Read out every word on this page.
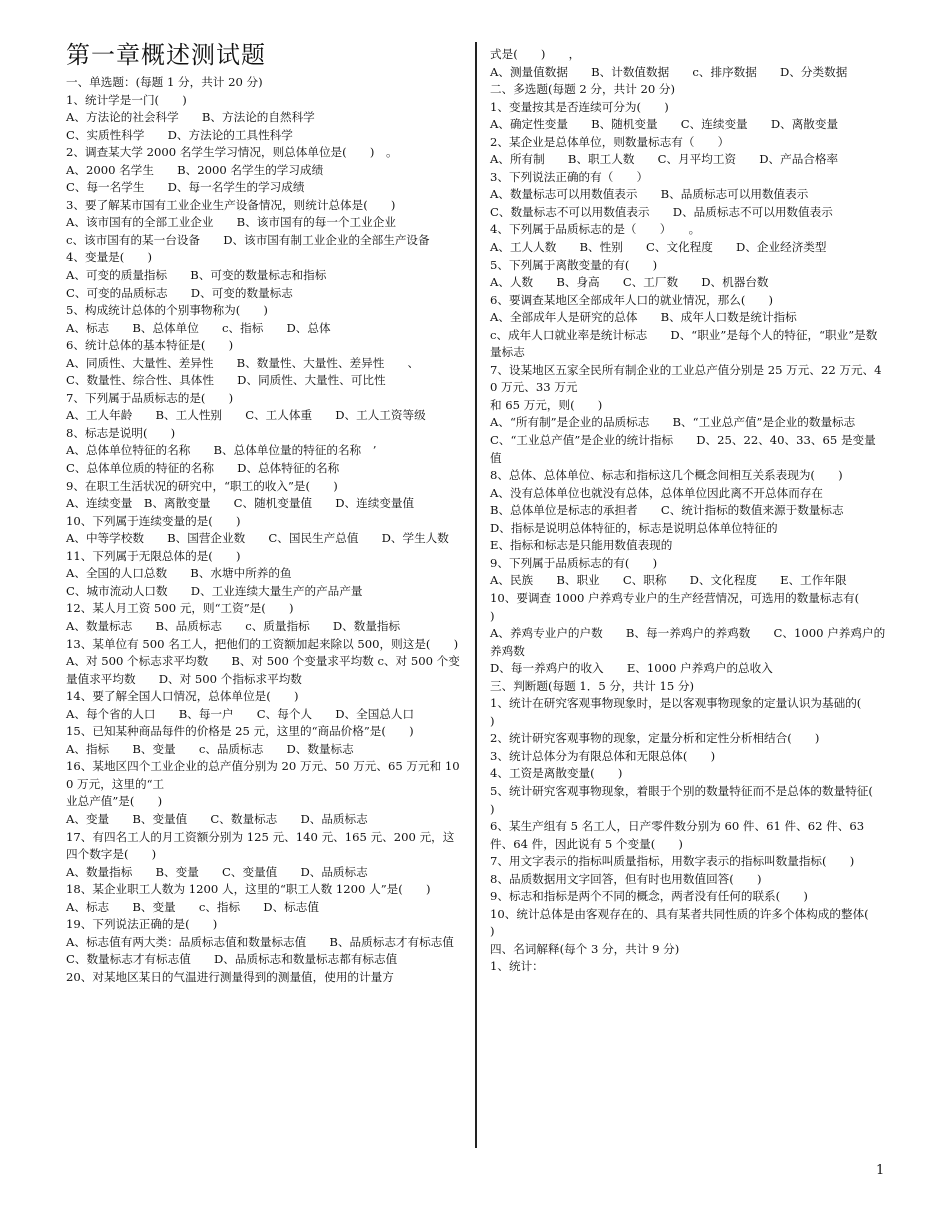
第一章概述测试题

一、单选题：(每题 1 分，共计 20 分)

1、统计学是一门(　　)

A、方法论的社会科学　　B、方法论的自然科学

C、实质性科学　　D、方法论的工具性科学

2、调查某大学 2000 名学生学习情况，则总体单位是(　　)　。

A、2000 名学生　　B、2000 名学生的学习成绩

C、每一名学生　　D、每一名学生的学习成绩

3、要了解某市国有工业企业生产设备情况，则统计总体是(　　)

A、该市国有的全部工业企业　　B、该市国有的每一个工业企业

c、该市国有的某一台设备　　D、该市国有制工业企业的全部生产设备

4、变量是(　　)

A、可变的质量指标　　B、可变的数量标志和指标

C、可变的品质标志　　D、可变的数量标志

5、构成统计总体的个别事物称为(　　)

A、标志　　B、总体单位　　c、指标　　D、总体

6、统计总体的基本特征是(　　)

A、同质性、大量性、差异性　　B、数量性、大量性、差异性　　、

C、数量性、综合性、具体性　　D、同质性、大量性、可比性

7、下列属于品质标志的是(　　)

A、工人年龄　　B、工人性别　　C、工人体重　　D、工人工资等级

8、标志是说明(　　)

A、总体单位特征的名称　　B、总体单位量的特征的名称　’

C、总体单位质的特征的名称　　D、总体特征的名称

9、在职工生活状况的研究中，“职工的收入”是(　　)

A、连续变量　B、离散变量　　C、随机变量值　　D、连续变量值

10、下列属于连续变量的是(　　)

A、中等学校数　　B、国营企业数　　C、国民生产总值　　D、学生人数

11、下列属于无限总体的是(　　)

A、全国的人口总数　　B、水塘中所养的鱼

C、城市流动人口数　　D、工业连续大量生产的产品产量

12、某人月工资 500 元，则“工资”是(　　)

A、数量标志　　B、品质标志　　c、质量指标　　D、数量指标

13、某单位有 500 名工人，把他们的工资额加起来除以 500，则这是(　　)

A、对 500 个标志求平均数　　B、对 500 个变量求平均数 c、对 500 个变量值求平均数　　D、对 500 个指标求平均数

14、要了解全国人口情况，总体单位是(　　)

A、每个省的人口　　B、每一户　　C、每个人　　D、全国总人口

15、已知某种商品每件的价格是 25 元，这里的“商品价格”是(　　)

A、指标　　B、变量　　c、品质标志　　D、数量标志

16、某地区四个工业企业的总产值分别为 20 万元、50 万元、65 万元和 100 万元，这里的“工

业总产值”是(　　)

A、变量　　B、变量值　　C、数量标志　　D、品质标志

17、有四名工人的月工资额分别为 125 元、140 元、165 元、200 元，这四个数字是(　　)

A、数量指标　　B、变量　　C、变量值　　D、品质标志

18、某企业职工人数为 1200 人，这里的“职工人数 1200 人”是(　　)

A、标志　　B、变量　　c、指标　　D、标志值

19、下列说法正确的是(　　)

A、标志值有两大类：品质标志值和数量标志值　　B、品质标志才有标志值

C、数量标志才有标志值　　D、品质标志和数量标志都有标志值

20、对某地区某日的气温进行测量得到的测量值，使用的计量方

式是(　　)　　，

A、测量值数据　　B、计数值数据　　c、排序数据　　D、分类数据

二、多选题(每题 2 分，共计 20 分)

1、变量按其是否连续可分为(　　)

A、确定性变量　　B、随机变量　　C、连续变量　　D、离散变量

2、某企业是总体单位，则数量标志有（　　）

A、所有制　　B、职工人数　　C、月平均工资　　D、产品合格率

3、下列说法正确的有（　　）

A、数量标志可以用数值表示　　B、品质标志可以用数值表示

C、数量标志不可以用数值表示　　D、品质标志不可以用数值表示

4、下列属于品质标志的是（　　）　　。

A、工人人数　　B、性别　　C、文化程度　　D、企业经济类型

5、下列属于离散变量的有(　　)

A、人数　　B、身高　　C、工厂数　　D、机器台数

6、要调查某地区全部成年人口的就业情况，那么(　　)

A、全部成年人是研究的总体　　B、成年人口数是统计指标

c、成年人口就业率是统计标志　　D、“职业”是每个人的特征，“职业”是数量标志

7、设某地区五家全民所有制企业的工业总产值分别是 25 万元、22 万元、40 万元、33 万元

和 65 万元，则(　　)

A、“所有制”是企业的品质标志　　B、“工业总产值”是企业的数量标志

C、“工业总产值”是企业的统计指标　　D、25、22、40、33、65 是变量值

8、总体、总体单位、标志和指标这几个概念间相互关系表现为(　　)

A、没有总体单位也就没有总体，总体单位因此离不开总体而存在

B、总体单位是标志的承担者　　C、统计指标的数值来源于数量标志

D、指标是说明总体特征的，标志是说明总体单位特征的

E、指标和标志是只能用数值表现的

9、下列属于品质标志的有(　　)

A、民族　　B、职业　　C、职称　　D、文化程度　　E、工作年限

10、要调查 1000 户养鸡专业户的生产经营情况，可选用的数量标志有(　　)

A、养鸡专业户的户数　　B、每一养鸡户的养鸡数　　C、1000 户养鸡户的养鸡数

D、每一养鸡户的收入　　E、1000 户养鸡户的总收入

三、判断题(每题 1．5 分，共计 15 分)

1、统计在研究客观事物现象时，是以客观事物现象的定量认识为基础的(　　)

2、统计研究客观事物的现象，定量分析和定性分析相结合(　　)

3、统计总体分为有限总体和无限总体(　　)

4、工资是离散变量(　　)

5、统计研究客观事物现象，着眼于个别的数量特征而不是总体的数量特征(　　)

6、某生产组有 5 名工人，日产零件数分别为 60 件、61 件、62 件、63 件、64 件，因此说有 5 个变量(　　)

7、用文字表示的指标叫质量指标，用数字表示的指标叫数量指标(　　)

8、品质数据用文字回答，但有时也用数值回答(　　)

9、标志和指标是两个不同的概念，两者没有任何的联系(　　)

10、统计总体是由客观存在的、具有某者共同性质的许多个体构成的整体(　　)

四、名词解释(每个 3 分，共计 9 分)

1、统计：

1
